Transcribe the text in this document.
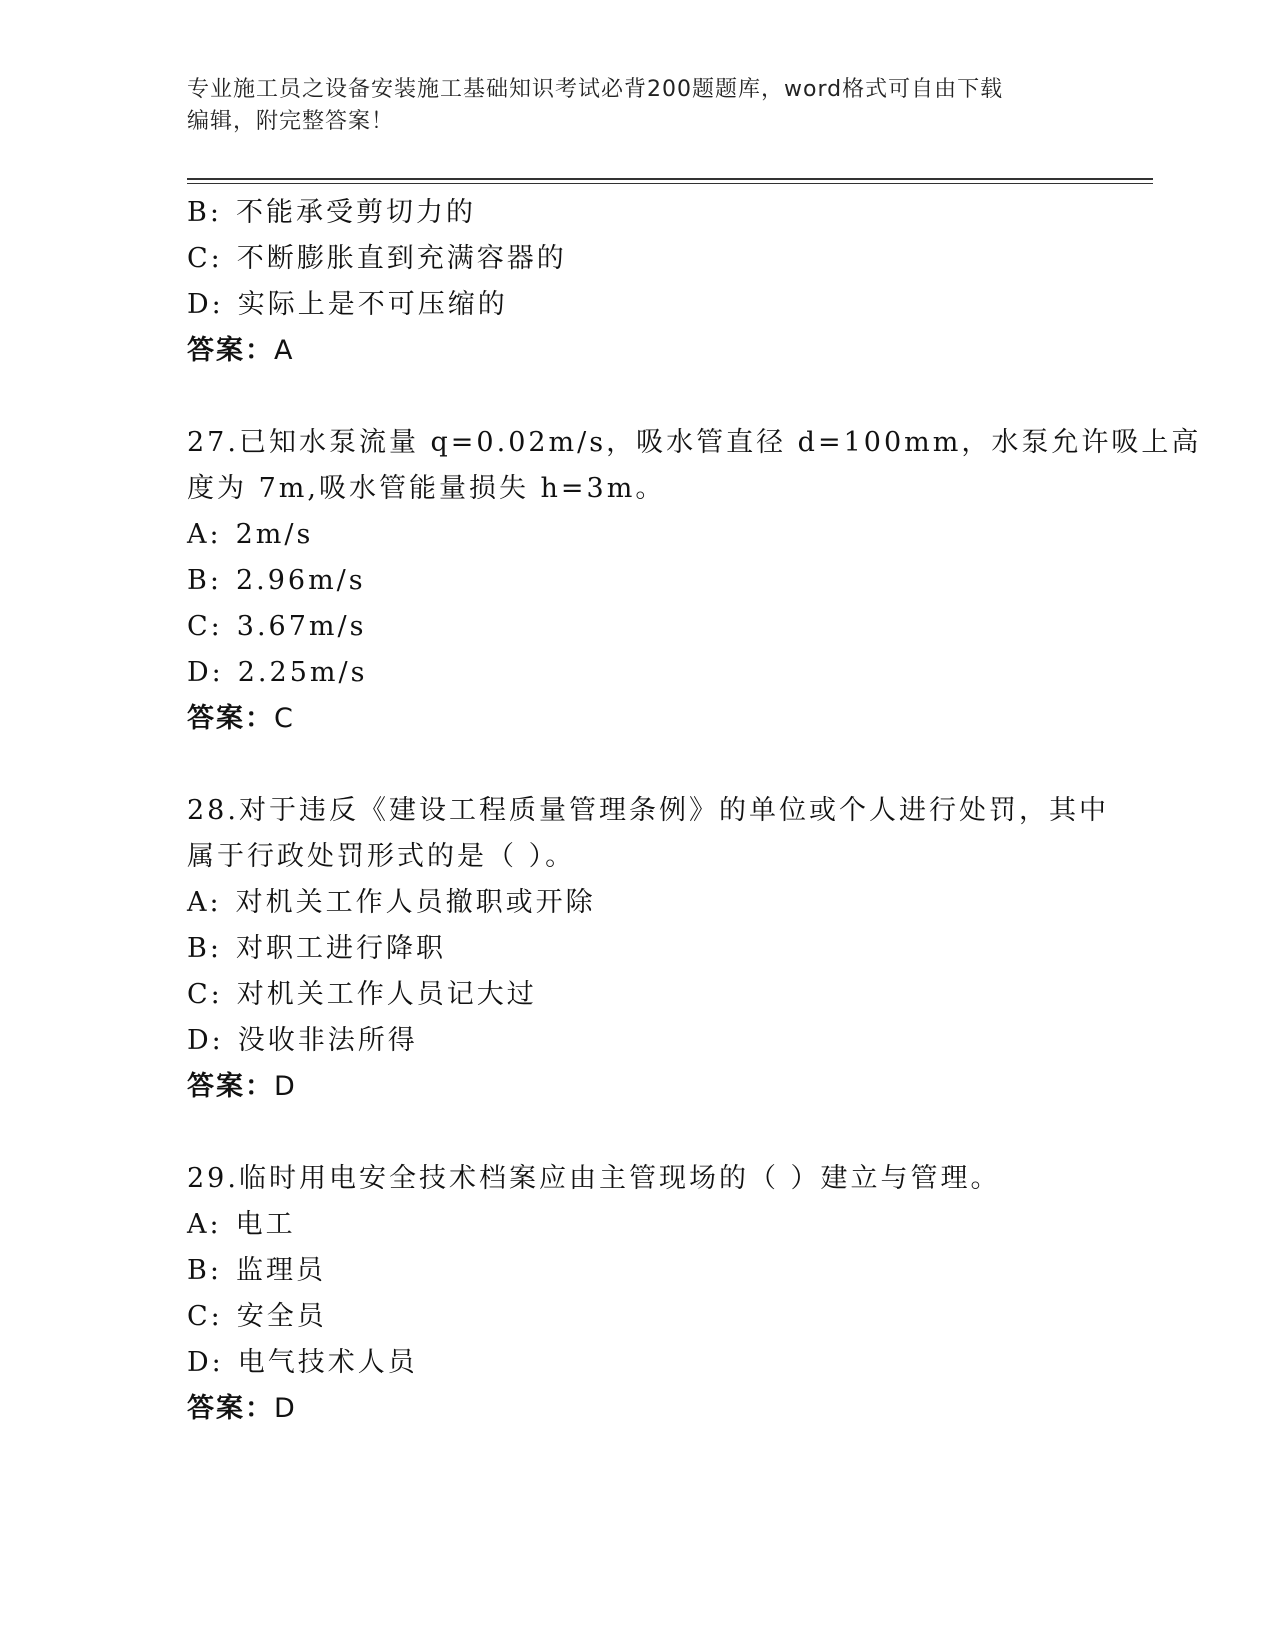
专业施工员之设备安装施工基础知识考试必背200题题库，word格式可自由下载
编辑，附完整答案！
B: 不能承受剪切力的
C: 不断膨胀直到充满容器的
D: 实际上是不可压缩的
答案：A
27.已知水泵流量 q=0.02m/s，吸水管直径 d=100mm，水泵允许吸上高
度为 7m,吸水管能量损失 h=3m。
A: 2m/s
B: 2.96m/s
C: 3.67m/s
D: 2.25m/s
答案：C
28.对于违反《建设工程质量管理条例》的单位或个人进行处罚，其中
属于行政处罚形式的是（ ）。
A: 对机关工作人员撤职或开除
B: 对职工进行降职
C: 对机关工作人员记大过
D: 没收非法所得
答案：D
29.临时用电安全技术档案应由主管现场的（ ）建立与管理。
A: 电工
B: 监理员
C: 安全员
D: 电气技术人员
答案：D
